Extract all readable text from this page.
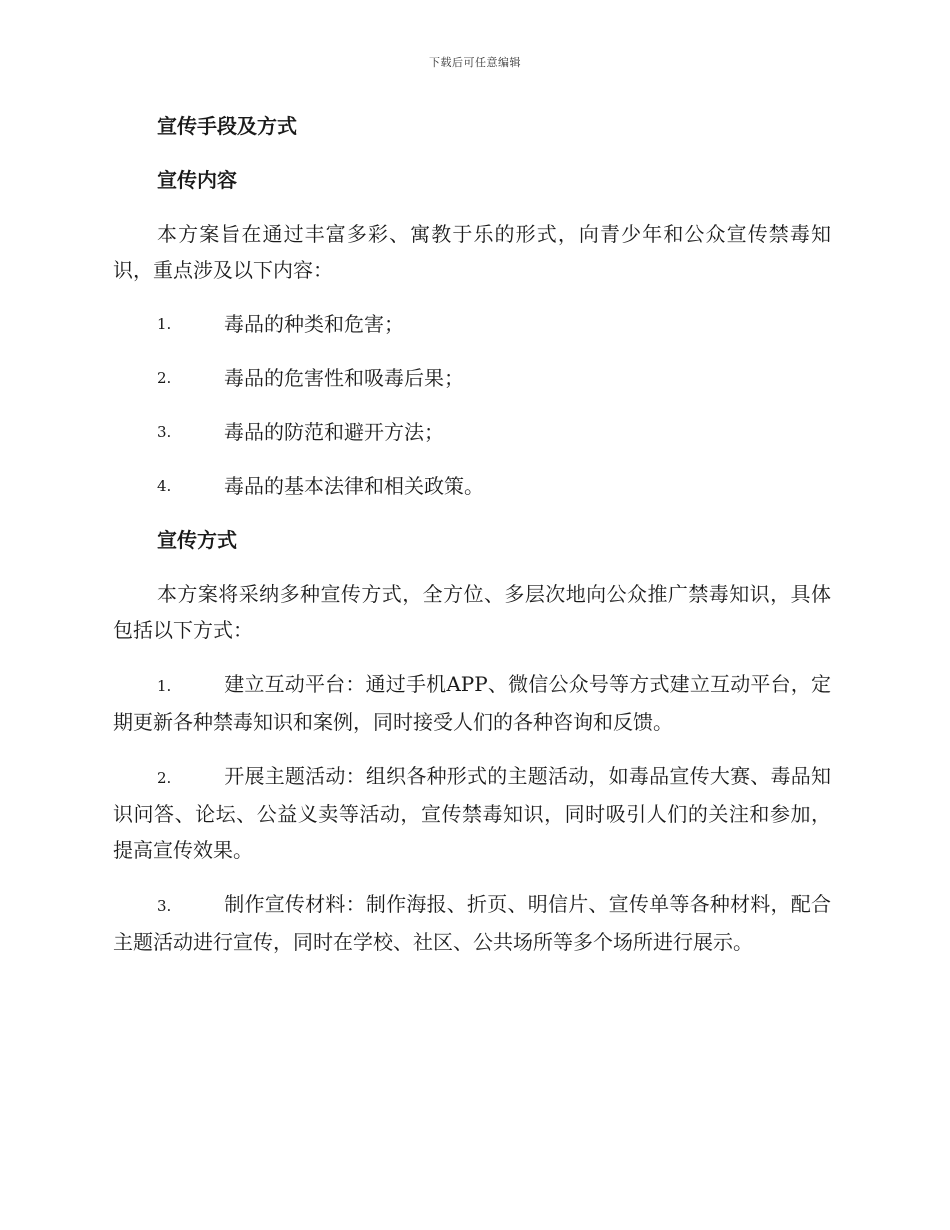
下载后可任意编辑
宣传手段及方式
宣传内容
本方案旨在通过丰富多彩、寓教于乐的形式，向青少年和公众宣传禁毒知识，重点涉及以下内容：
1.	毒品的种类和危害；
2.	毒品的危害性和吸毒后果；
3.	毒品的防范和避开方法；
4.	毒品的基本法律和相关政策。
宣传方式
本方案将采纳多种宣传方式，全方位、多层次地向公众推广禁毒知识，具体包括以下方式：
1.	建立互动平台：通过手机APP、微信公众号等方式建立互动平台，定期更新各种禁毒知识和案例，同时接受人们的各种咨询和反馈。
2.	开展主题活动：组织各种形式的主题活动，如毒品宣传大赛、毒品知识问答、论坛、公益义卖等活动，宣传禁毒知识，同时吸引人们的关注和参加，提高宣传效果。
3.	制作宣传材料：制作海报、折页、明信片、宣传单等各种材料，配合主题活动进行宣传，同时在学校、社区、公共场所等多个场所进行展示。
